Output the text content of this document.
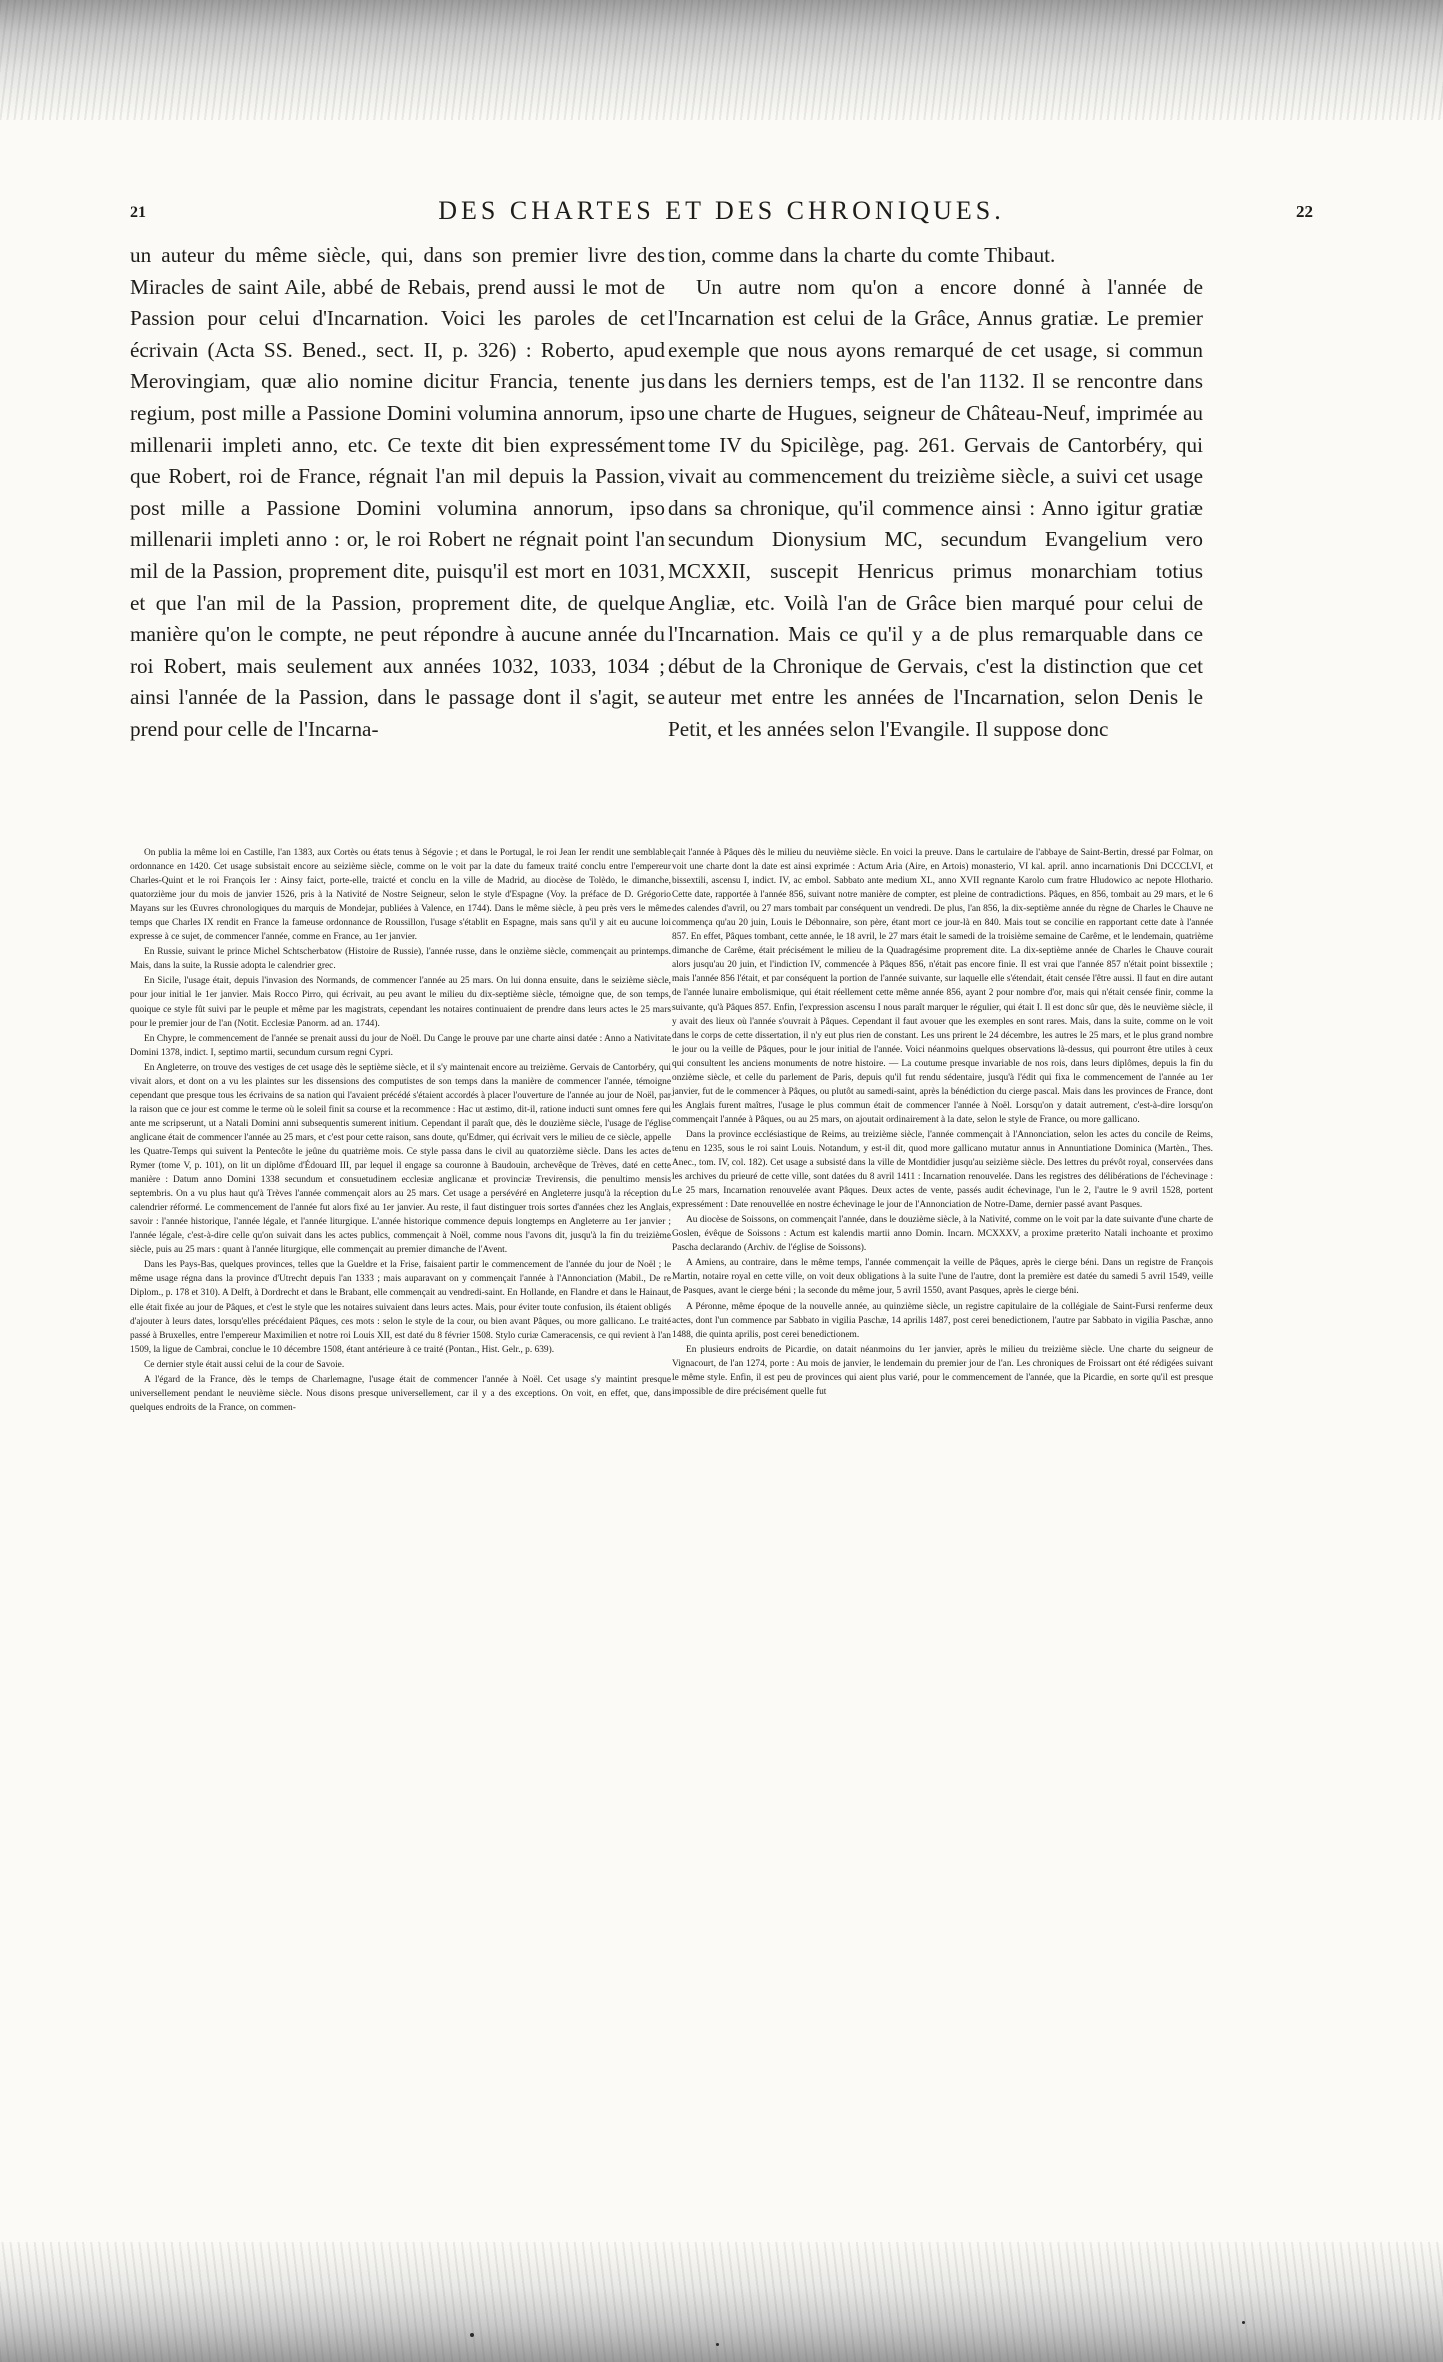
21	DES CHARTES ET DES CHRONIQUES.	22

un auteur du même siècle, qui, dans son premier livre des Miracles de saint Aile, abbé de Rebais, prend aussi le mot de Passion pour celui d'Incarnation. Voici les paroles de cet écrivain (Acta SS. Bened., sect. II, p. 326) : Roberto, apud Merovingiam, quæ alio nomine dicitur Francia, tenente jus regium, post mille a Passione Domini volumina annorum, ipso millenarii impleti anno, etc. Ce texte dit bien expressément que Robert, roi de France, régnait l'an mil depuis la Passion, post mille a Passione Domini volumina annorum, ipso millenarii impleti anno : or, le roi Robert ne régnait point l'an mil de la Passion, proprement dite, puisqu'il est mort en 1031, et que l'an mil de la Passion, proprement dite, de quelque manière qu'on le compte, ne peut répondre à aucune année du roi Robert, mais seulement aux années 1032, 1033, 1034 ; ainsi l'année de la Passion, dans le passage dont il s'agit, se prend pour celle de l'Incarna-

tion, comme dans la charte du comte Thibaut.

Un autre nom qu'on a encore donné à l'année de l'Incarnation est celui de la Grâce, Annus gratiæ. Le premier exemple que nous ayons remarqué de cet usage, si commun dans les derniers temps, est de l'an 1132. Il se rencontre dans une charte de Hugues, seigneur de Château-Neuf, imprimée au tome IV du Spicilège, pag. 261. Gervais de Cantorbéry, qui vivait au commencement du treizième siècle, a suivi cet usage dans sa chronique, qu'il commence ainsi : Anno igitur gratiæ secundum Dionysium MC, secundum Evangelium vero MCXXII, suscepit Henricus primus monarchiam totius Angliæ, etc. Voilà l'an de Grâce bien marqué pour celui de l'Incarnation. Mais ce qu'il y a de plus remarquable dans ce début de la Chronique de Gervais, c'est la distinction que cet auteur met entre les années de l'Incarnation, selon Denis le Petit, et les années selon l'Evangile. Il suppose donc

On publia la même loi en Castille, l'an 1383, aux Cortès ou états tenus à Ségovie ; et dans le Portugal, le roi Jean Ier rendit une semblable ordonnance en 1420. Cet usage subsistait encore au seizième siècle, comme on le voit par la date du fameux traité conclu entre l'empereur Charles-Quint et le roi François Ier : Ainsy faict, porte-elle, traicté et conclu en la ville de Madrid, au diocèse de Tolèdo, le dimanche, quatorzième jour du mois de janvier 1526, pris à la Nativité de Nostre Seigneur, selon le style d'Espagne (Voy. la préface de D. Grégorio Mayans sur les Œuvres chronologiques du marquis de Mondejar, publiées à Valence, en 1744). Dans le même siècle, à peu près vers le même temps que Charles IX rendit en France la fameuse ordonnance de Roussillon, l'usage s'établit en Espagne, mais sans qu'il y ait eu aucune loi expresse à ce sujet, de commencer l'année, comme en France, au 1er janvier.

En Russie, suivant le prince Michel Schtscherbatow (Histoire de Russie), l'année russe, dans le onzième siècle, commençait au printemps. Mais, dans la suite, la Russie adopta le calendrier grec.

En Sicile, l'usage était, depuis l'invasion des Normands, de commencer l'année au 25 mars. On lui donna ensuite, dans le seizième siècle, pour jour initial le 1er janvier. Mais Rocco Pirro, qui écrivait, au peu avant le milieu du dix-septième siècle, témoigne que, de son temps, quoique ce style fût suivi par le peuple et même par les magistrats, cependant les notaires continuaient de prendre dans leurs actes le 25 mars pour le premier jour de l'an (Notit. Ecclesiæ Panorm. ad an. 1744).

En Chypre, le commencement de l'année se prenait aussi du jour de Noël. Du Cange le prouve par une charte ainsi datée : Anno a Nativitate Domini 1378, indict. I, septimo martii, secundum cursum regni Cypri.

En Angleterre, on trouve des vestiges de cet usage dès le septième siècle, et il s'y maintenait encore au treizième. Gervais de Cantorbéry, qui vivait alors, et dont on a vu les plaintes sur les dissensions des computistes de son temps dans la manière de commencer l'année, témoigne cependant que presque tous les écrivains de sa nation qui l'avaient précédé s'étaient accordés à placer l'ouverture de l'année au jour de Noël, par la raison que ce jour est comme le terme où le soleil finit sa course et la recommence : Hac ut æstimo, dit-il, ratione inducti sunt omnes fere qui ante me scripserunt, ut a Natali Domini anni subsequentis sumerent initium. Cependant il paraît que, dès le douzième siècle, l'usage de l'église anglicane était de commencer l'année au 25 mars, et c'est pour cette raison, sans doute, qu'Edmer, qui écrivait vers le milieu de ce siècle, appelle les Quatre-Temps qui suivent la Pentecôte le jeûne du quatrième mois. Ce style passa dans le civil au quatorzième siècle. Dans les actes de Rymer (tome V, p. 101), on lit un diplôme d'Édouard III, par lequel il engage sa couronne à Baudouin, archevêque de Trèves, daté en cette manière : Datum anno Domini 1338 secundum et consuetudinem ecclesiæ anglicanæ et provinciæ Trevirensis, die penultimo mensis septembris. On a vu plus haut qu'à Trèves l'année commençait alors au 25 mars. Cet usage a persévéré en Angleterre jusqu'à la réception du calendrier réformé. Le commencement de l'année fut alors fixé au 1er janvier. Au reste, il faut distinguer trois sortes d'années chez les Anglais, savoir : l'année historique, l'année légale, et l'année liturgique. L'année historique commence depuis longtemps en Angleterre au 1er janvier ; l'année légale, c'est-à-dire celle qu'on suivait dans les actes publics, commençait à Noël, comme nous l'avons dit, jusqu'à la fin du treizième siècle, puis au 25 mars : quant à l'année liturgique, elle commençait au premier dimanche de l'Avent.

Dans les Pays-Bas, quelques provinces, telles que la Gueldre et la Frise, faisaient partir le commencement de l'année du jour de Noël ; le même usage régna dans la province d'Utrecht depuis l'an 1333 ; mais auparavant on y commençait l'année à l'Annonciation (Mabil., De re Diplom., p. 178 et 310). A Delft, à Dordrecht et dans le Brabant, elle commençait au vendredi-saint. En Hollande, en Flandre et dans le Hainaut, elle était fixée au jour de Pâques, et c'est le style que les notaires suivaient dans leurs actes. Mais, pour éviter toute confusion, ils étaient obligés d'ajouter à leurs dates, lorsqu'elles précédaient Pâques, ces mots : selon le style de la cour, ou bien avant Pâques, ou more gallicano. Le traité passé à Bruxelles, entre l'empereur Maximilien et notre roi Louis XII, est daté du 8 février 1508. Stylo curiæ Cameracensis, ce qui revient à l'an 1509, la ligue de Cambrai, conclue le 10 décembre 1508, étant antérieure à ce traité (Pontan., Hist. Gelr., p. 639).

Ce dernier style était aussi celui de la cour de Savoie.

A l'égard de la France, dès le temps de Charlemagne, l'usage était de commencer l'année à Noël. Cet usage s'y maintint presque universellement pendant le neuvième siècle. Nous disons presque universellement, car il y a des exceptions. On voit, en effet, que, dans quelques endroits de la France, on commen-

çait l'année à Pâques dès le milieu du neuvième siècle. En voici la preuve. Dans le cartulaire de l'abbaye de Saint-Bertin, dressé par Folmar, on voit une charte dont la date est ainsi exprimée : Actum Aria (Aire, en Artois) monasterio, VI kal. april. anno incarnationis Dni DCCCLVI, et bissextili, ascensu I, indict. IV, ac embol. Sabbato ante medium XL, anno XVII regnante Karolo cum fratre Hludowico ac nepote Hlothario. Cette date, rapportée à l'année 856, suivant notre manière de compter, est pleine de contradictions. Pâques, en 856, tombait au 29 mars, et le 6 des calendes d'avril, ou 27 mars tombait par conséquent un vendredi. De plus, l'an 856, la dix-septième année du règne de Charles le Chauve ne commença qu'au 20 juin, Louis le Débonnaire, son père, étant mort ce jour-là en 840. Mais tout se concilie en rapportant cette date à l'année 857. En effet, Pâques tombant, cette année, le 18 avril, le 27 mars était le samedi de la troisième semaine de Carême, et le lendemain, quatrième dimanche de Carême, était précisément le milieu de la Quadragésime proprement dite. La dix-septième année de Charles le Chauve courait alors jusqu'au 20 juin, et l'indiction IV, commencée à Pâques 856, n'était pas encore finie. Il est vrai que l'année 857 n'était point bissextile ; mais l'année 856 l'était, et par conséquent la portion de l'année suivante, sur laquelle elle s'étendait, était censée l'être aussi. Il faut en dire autant de l'année lunaire embolismique, qui était réellement cette même année 856, ayant 2 pour nombre d'or, mais qui n'était censée finir, comme la suivante, qu'à Pâques 857. Enfin, l'expression ascensu I nous paraît marquer le régulier, qui était I. Il est donc sûr que, dès le neuvième siècle, il y avait des lieux où l'année s'ouvrait à Pâques. Cependant il faut avouer que les exemples en sont rares. Mais, dans la suite, comme on le voit dans le corps de cette dissertation, il n'y eut plus rien de constant. Les uns prirent le 24 décembre, les autres le 25 mars, et le plus grand nombre le jour ou la veille de Pâques, pour le jour initial de l'année. Voici néanmoins quelques observations là-dessus, qui pourront être utiles à ceux qui consultent les anciens monuments de notre histoire. — La coutume presque invariable de nos rois, dans leurs diplômes, depuis la fin du onzième siècle, et celle du parlement de Paris, depuis qu'il fut rendu sédentaire, jusqu'à l'édit qui fixa le commencement de l'année au 1er janvier, fut de le commencer à Pâques, ou plutôt au samedi-saint, après la bénédiction du cierge pascal. Mais dans les provinces de France, dont les Anglais furent maîtres, l'usage le plus commun était de commencer l'année à Noël. Lorsqu'on y datait autrement, c'est-à-dire lorsqu'on commençait l'année à Pâques, ou au 25 mars, on ajoutait ordinairement à la date, selon le style de France, ou more gallicano.

Dans la province ecclésiastique de Reims, au treizième siècle, l'année commençait à l'Annonciation, selon les actes du concile de Reims, tenu en 1235, sous le roi saint Louis. Notandum, y est-il dit, quod more gallicano mutatur annus in Annuntiatione Dominica (Martèn., Thes. Anec., tom. IV, col. 182). Cet usage a subsisté dans la ville de Montdidier jusqu'au seizième siècle. Des lettres du prévôt royal, conservées dans les archives du prieuré de cette ville, sont datées du 8 avril 1411 : Incarnation renouvelée. Dans les registres des délibérations de l'échevinage : Le 25 mars, Incarnation renouvelée avant Pâques. Deux actes de vente, passés audit échevinage, l'un le 2, l'autre le 9 avril 1528, portent expressément : Date renouvellée en nostre échevinage le jour de l'Annonciation de Notre-Dame, dernier passé avant Pasques.

Au diocèse de Soissons, on commençait l'année, dans le douzième siècle, à la Nativité, comme on le voit par la date suivante d'une charte de Goslen, évêque de Soissons : Actum est kalendis martii anno Domin. Incarn. MCXXXV, a proxime præterito Natali inchoante et proximo Pascha declarando (Archiv. de l'église de Soissons).

A Amiens, au contraire, dans le même temps, l'année commençait la veille de Pâques, après le cierge béni. Dans un registre de François Martin, notaire royal en cette ville, on voit deux obligations à la suite l'une de l'autre, dont la première est datée du samedi 5 avril 1549, veille de Pasques, avant le cierge béni ; la seconde du même jour, 5 avril 1550, avant Pasques, après le cierge béni.

A Péronne, même époque de la nouvelle année, au quinzième siècle, un registre capitulaire de la collégiale de Saint-Fursi renferme deux actes, dont l'un commence par Sabbato in vigilia Paschæ, 14 aprilis 1487, post cerei benedictionem, l'autre par Sabbato in vigilia Paschæ, anno 1488, die quinta aprilis, post cerei benedictionem.

En plusieurs endroits de Picardie, on datait néanmoins du 1er janvier, après le milieu du treizième siècle. Une charte du seigneur de Vignacourt, de l'an 1274, porte : Au mois de janvier, le lendemain du premier jour de l'an. Les chroniques de Froissart ont été rédigées suivant le même style. Enfin, il est peu de provinces qui aient plus varié, pour le commencement de l'année, que la Picardie, en sorte qu'il est presque impossible de dire précisément quelle fut
